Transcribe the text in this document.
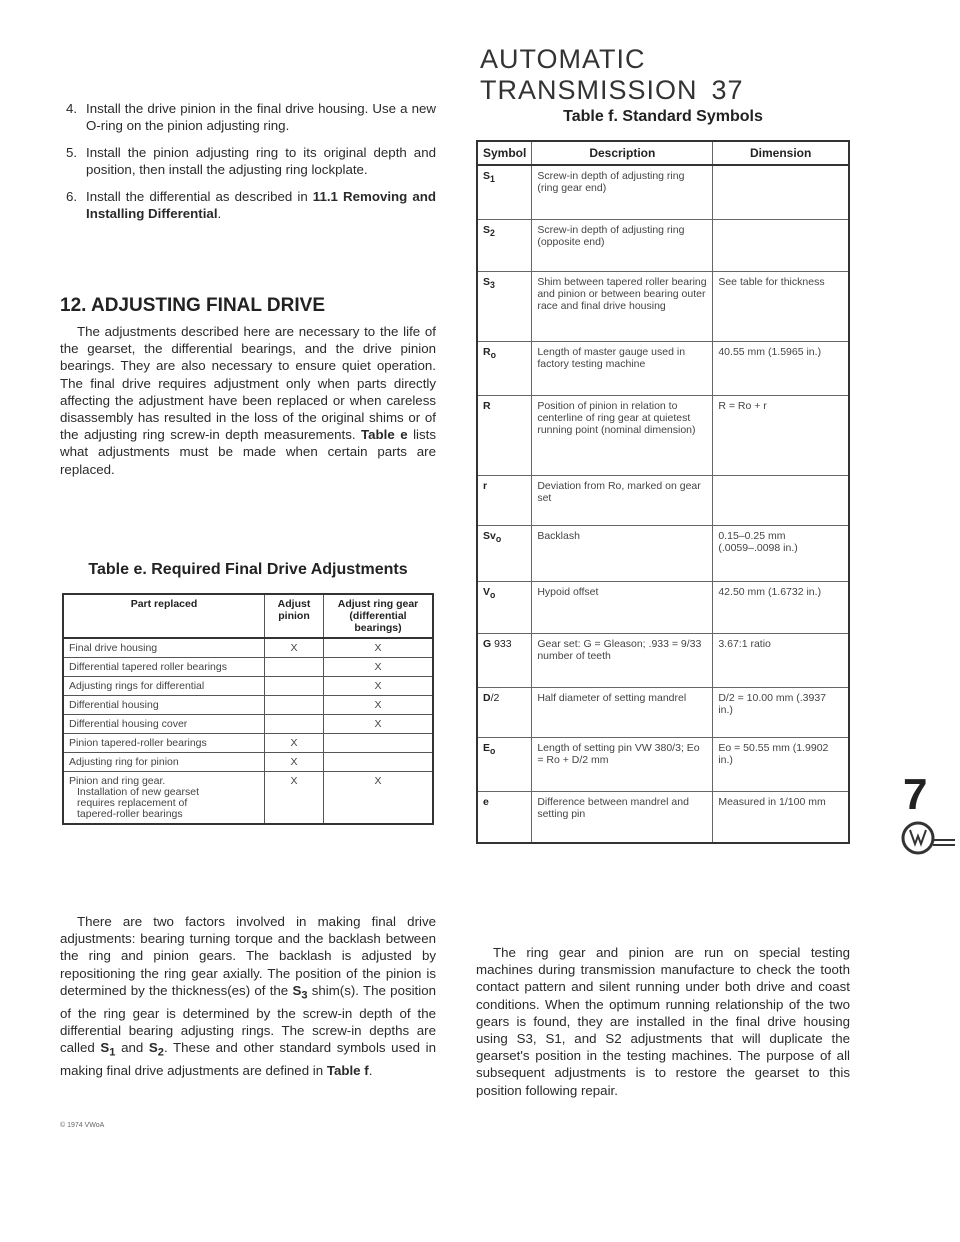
AUTOMATIC TRANSMISSION 37
4. Install the drive pinion in the final drive housing. Use a new O-ring on the pinion adjusting ring.
5. Install the pinion adjusting ring to its original depth and position, then install the adjusting ring lockplate.
6. Install the differential as described in 11.1 Removing and Installing Differential.
12. ADJUSTING FINAL DRIVE

The adjustments described here are necessary to the life of the gearset, the differential bearings, and the drive pinion bearings. They are also necessary to ensure quiet operation. The final drive requires adjustment only when parts directly affecting the adjustment have been replaced or when careless disassembly has resulted in the loss of the original shims or of the adjusting ring screw-in depth measurements. Table e lists what adjustments must be made when certain parts are replaced.

Table e. Required Final Drive Adjustments
Part replaced	Adjust pinion	Adjust ring gear (differential bearings)
Final drive housing	X	X
Differential tapered roller bearings		X
Adjusting rings for differential		X
Differential housing		X
Differential housing cover		X
Pinion tapered-roller bearings	X	
Adjusting ring for pinion	X	

Pinion and ring gear.
Installation of new gearset requires replacement of tapered-roller bearings	X	X

There are two factors involved in making final drive adjustments: bearing turning torque and the backlash between the ring and pinion gears. The backlash is adjusted by repositioning the ring gear axially. The position of the pinion is determined by the thickness(es) of the $S_3$ shim(s). The position of the ring gear is determined by the screw-in depth of the differential bearing adjusting rings. The screw-in depths are called $S_1$ and $S_2$. These and other standard symbols used in making final drive adjustments are defined in Table f.

© 1974 VWoA
Table f. Standard Symbols
Symbol	Description	Dimension
$S_1$	Screw-in depth of adjusting ring (ring gear end)	
$S_2$	Screw-in depth of adjusting ring (opposite end)	
$S_3$	Shim between tapered roller bearing and pinion or between bearing outer race and final drive housing	See table for thickness
$R_o$	Length of master gauge used in factory testing machine	40.55 mm (1.5965 in.)
R	Position of pinion in relation to centerline of ring gear at quietest running point (nominal dimension)	R = Ro + r
r	Deviation from Ro, marked on gear set	
$Sv_o$	Backlash	0.15–0.25 mm (.0059–.0098 in.)
$V_o$	Hypoid offset	42.50 mm (1.6732 in.)
G 933	Gear set: G = Gleason; .933 = 9/33 number of teeth	3.67:1 ratio
D/2	Half diameter of setting mandrel	D/2 = 10.00 mm (.3937 in.)
$E_o$	Length of setting pin VW 380/3; Eo = Ro + D/2 mm	Eo = 50.55 mm (1.9902 in.)
e	Difference between mandrel and setting pin	Measured in 1/100 mm

The ring gear and pinion are run on special testing machines during transmission manufacture to check the tooth contact pattern and silent running under both drive and coast conditions. When the optimum running relationship of the two gears is found, they are installed in the final drive housing using S3, S1, and S2 adjustments that will duplicate the gearset's position in the testing machines. The purpose of all subsequent adjustments is to restore the gearset to this position following repair.

7
